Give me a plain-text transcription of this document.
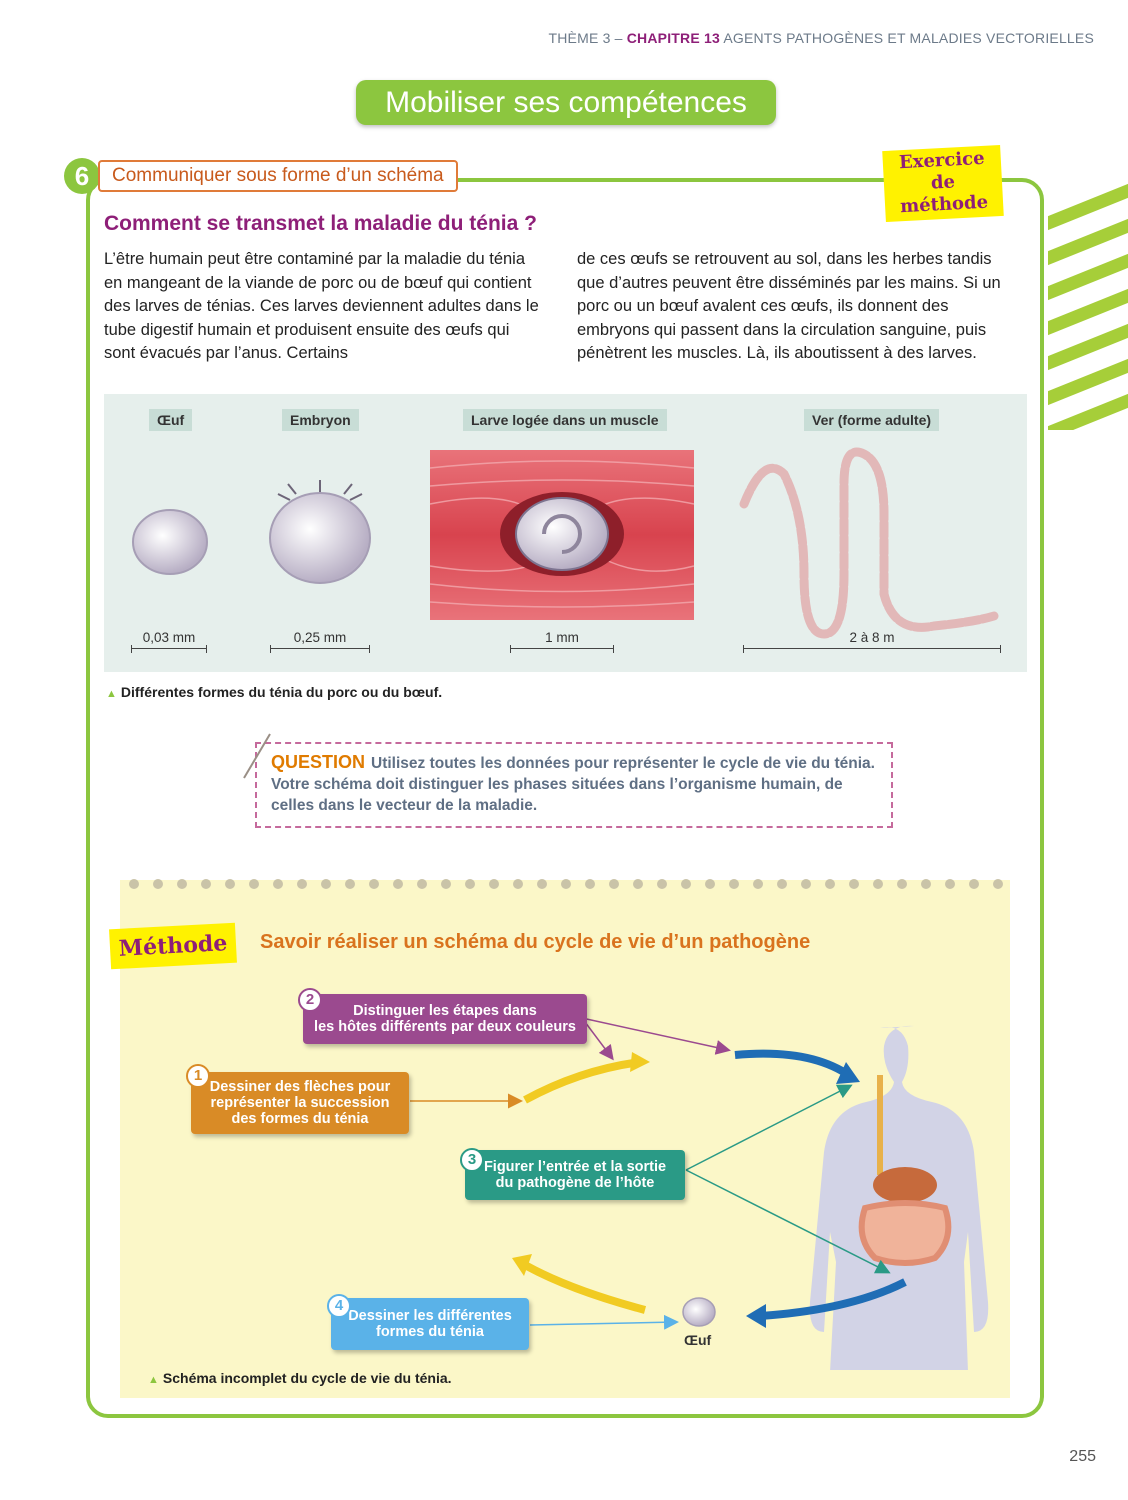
THÈME 3 – CHAPITRE 13 AGENTS PATHOGÈNES ET MALADIES VECTORIELLES
Mobiliser ses compétences
6	Communiquer sous forme d’un schéma
Exercice
de méthode
Comment se transmet la maladie du ténia ?
L’être humain peut être contaminé par la maladie du ténia en mangeant de la viande de porc ou de bœuf qui contient des larves de ténias. Ces larves deviennent adultes dans le tube digestif humain et produisent ensuite des œufs qui sont évacués par l’anus. Certains
de ces œufs se retrouvent au sol, dans les herbes tandis que d’autres peuvent être disséminés par les mains. Si un porc ou un bœuf avalent ces œufs, ils donnent des embryons qui passent dans la circulation sanguine, puis pénètrent les muscles. Là, ils aboutissent à des larves.
Œuf	Embryon	Larve logée dans un muscle	Ver (forme adulte)
0,03 mm	0,25 mm	1 mm	2 à 8 m
▲ Différentes formes du ténia du porc ou du bœuf.
QUESTION Utilisez toutes les données pour représenter le cycle de vie du ténia.
Votre schéma doit distinguer les phases situées dans l’organisme humain, de
celles dans le vecteur de la maladie.
Méthode	Savoir réaliser un schéma du cycle de vie d’un pathogène
Œuf
Distinguer les étapes dans
les hôtes différents par deux couleurs
2
Dessiner des flèches pour
représenter la succession
des formes du ténia
1
Figurer l’entrée et la sortie
du pathogène de l’hôte
3
Dessiner les différentes
formes du ténia
4
▲ Schéma incomplet du cycle de vie du ténia.
255
